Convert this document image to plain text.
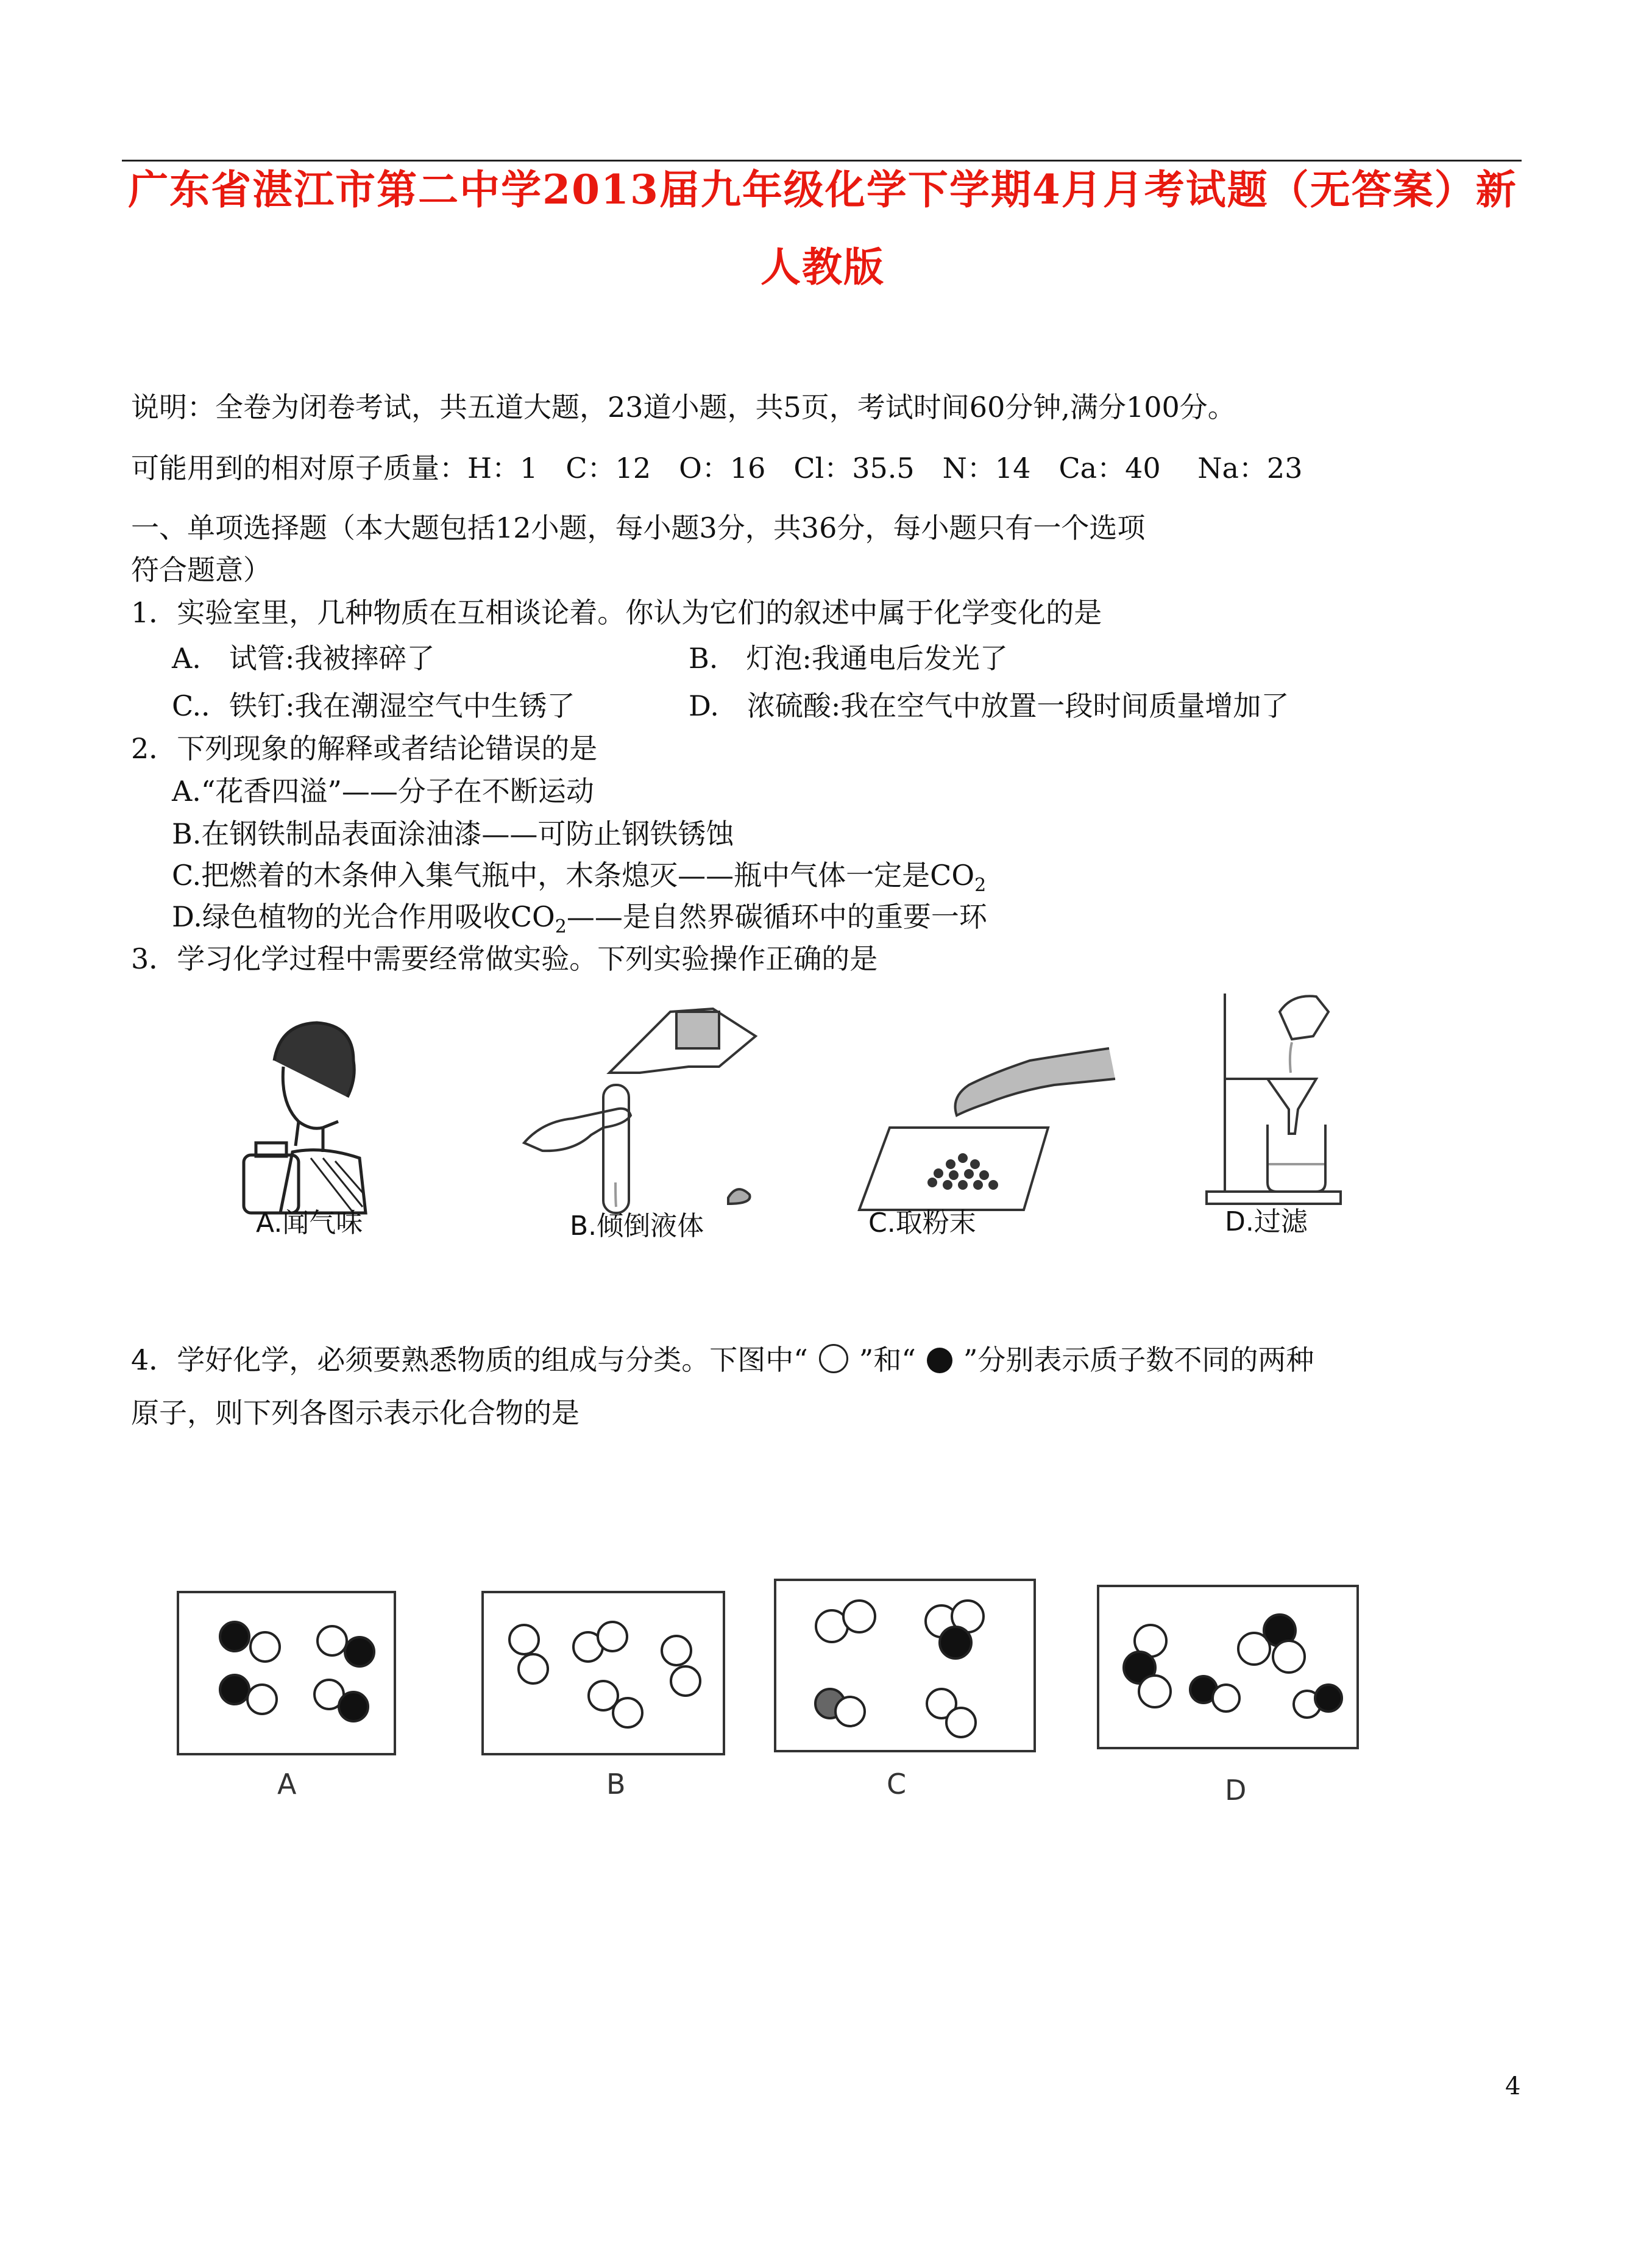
广东省湛江市第二中学2013届九年级化学下学期4月月考试题（无答案）新
人教版
说明：全卷为闭卷考试，共五道大题，23道小题，共5页，考试时间60分钟,满分100分。
可能用到的相对原子质量：H：1　C：12　O：16　Cl：35.5　N：14　Ca：40　 Na：23
一、单项选择题（本大题包括12小题，每小题3分，共36分，每小题只有一个选项
符合题意）
1．实验室里，几种物质在互相谈论着。你认为它们的叙述中属于化学变化的是
A.　试管:我被摔碎了	B.　灯泡:我通电后发光了
C.．铁钉:我在潮湿空气中生锈了	D.　浓硫酸:我在空气中放置一段时间质量增加了
2．下列现象的解释或者结论错误的是
A.“花香四溢”——分子在不断运动
B.在钢铁制品表面涂油漆——可防止钢铁锈蚀
C.把燃着的木条伸入集气瓶中，木条熄灭——瓶中气体一定是$CO_2$
D.绿色植物的光合作用吸收$CO_2——$是自然界碳循环中的重要一环
3．学习化学过程中需要经常做实验。下列实验操作正确的是
A.闻气味	B.倾倒液体	C.取粉末	D.过滤
4．学好化学，必须要熟悉物质的组成与分类。下图中“ ”和“ ”分别表示质子数不同的两种
原子，则下列各图示表示化合物的是
A	B	C	D
4
